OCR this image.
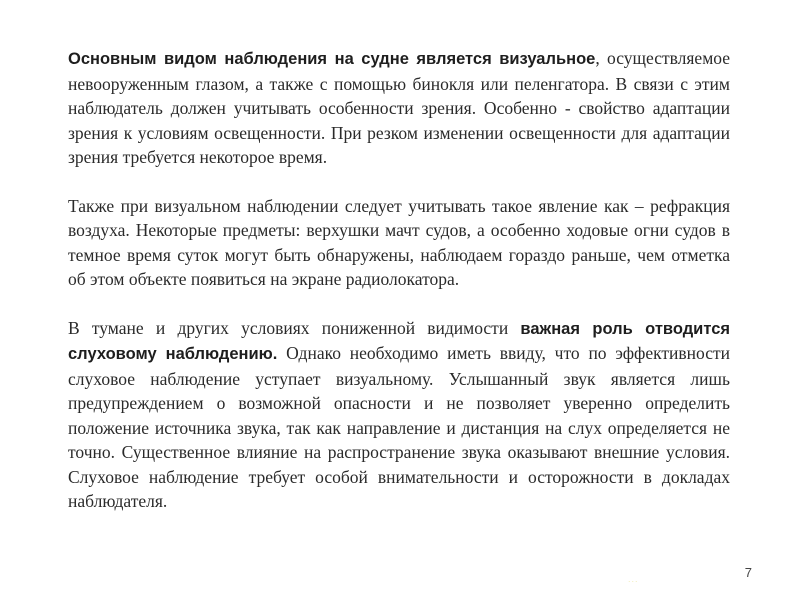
Основным видом наблюдения на судне является визуальное, осуществляемое невооруженным глазом, а также с помощью бинокля или пеленгатора. В связи с этим наблюдатель должен учитывать особенности зрения. Особенно - свойство адаптации зрения к условиям освещенности. При резком изменении освещенности для адаптации зрения требуется некоторое время.

Также при визуальном наблюдении следует учитывать такое явление как – рефракция воздуха. Некоторые предметы: верхушки мачт судов, а особенно ходовые огни судов в темное время суток могут быть обнаружены, наблюдаем гораздо раньше, чем отметка об этом объекте появиться на экране радиолокатора.

В тумане и других условиях пониженной видимости важная роль отводится слуховому наблюдению. Однако необходимо иметь ввиду, что по эффективности слуховое наблюдение уступает визуальному. Услышанный звук является лишь предупреждением о возможной опасности и не позволяет уверенно определить положение источника звука, так как направление и дистанция на слух определяется не точно. Существенное влияние на распространение звука оказывают внешние условия. Слуховое наблюдение требует особой внимательности и осторожности в докладах наблюдателя.

...	7
